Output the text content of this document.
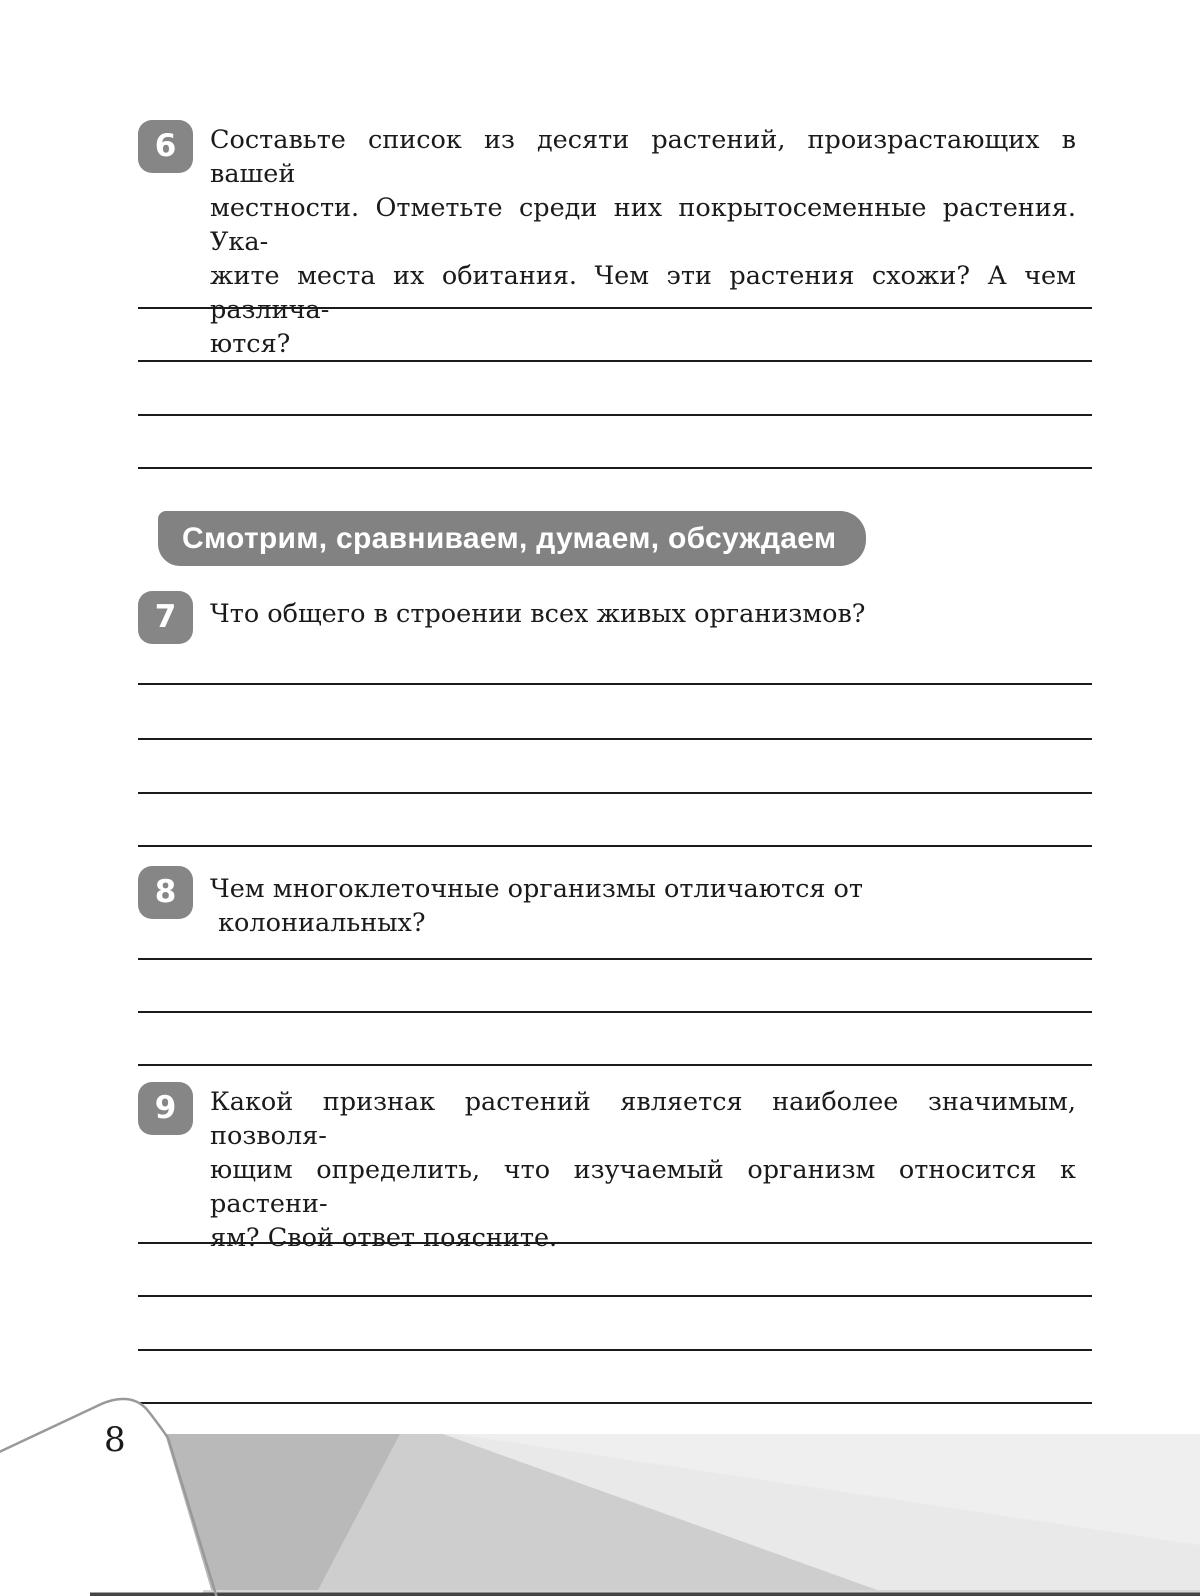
6	Составьте список из десяти растений, произрастающих в вашей
местности. Отметьте среди них покрытосеменные растения. Ука-
жите места их обитания. Чем эти растения схожи? А чем различа-
ются?
Смотрим, сравниваем, думаем, обсуждаем
7	Что общего в строении всех живых организмов?
8	Чем многоклеточные организмы отличаются от  колониальных?
9	Какой признак растений является наиболее значимым, позволя-
ющим определить, что изучаемый организм относится к растени-
ям? Свой ответ поясните.
8
